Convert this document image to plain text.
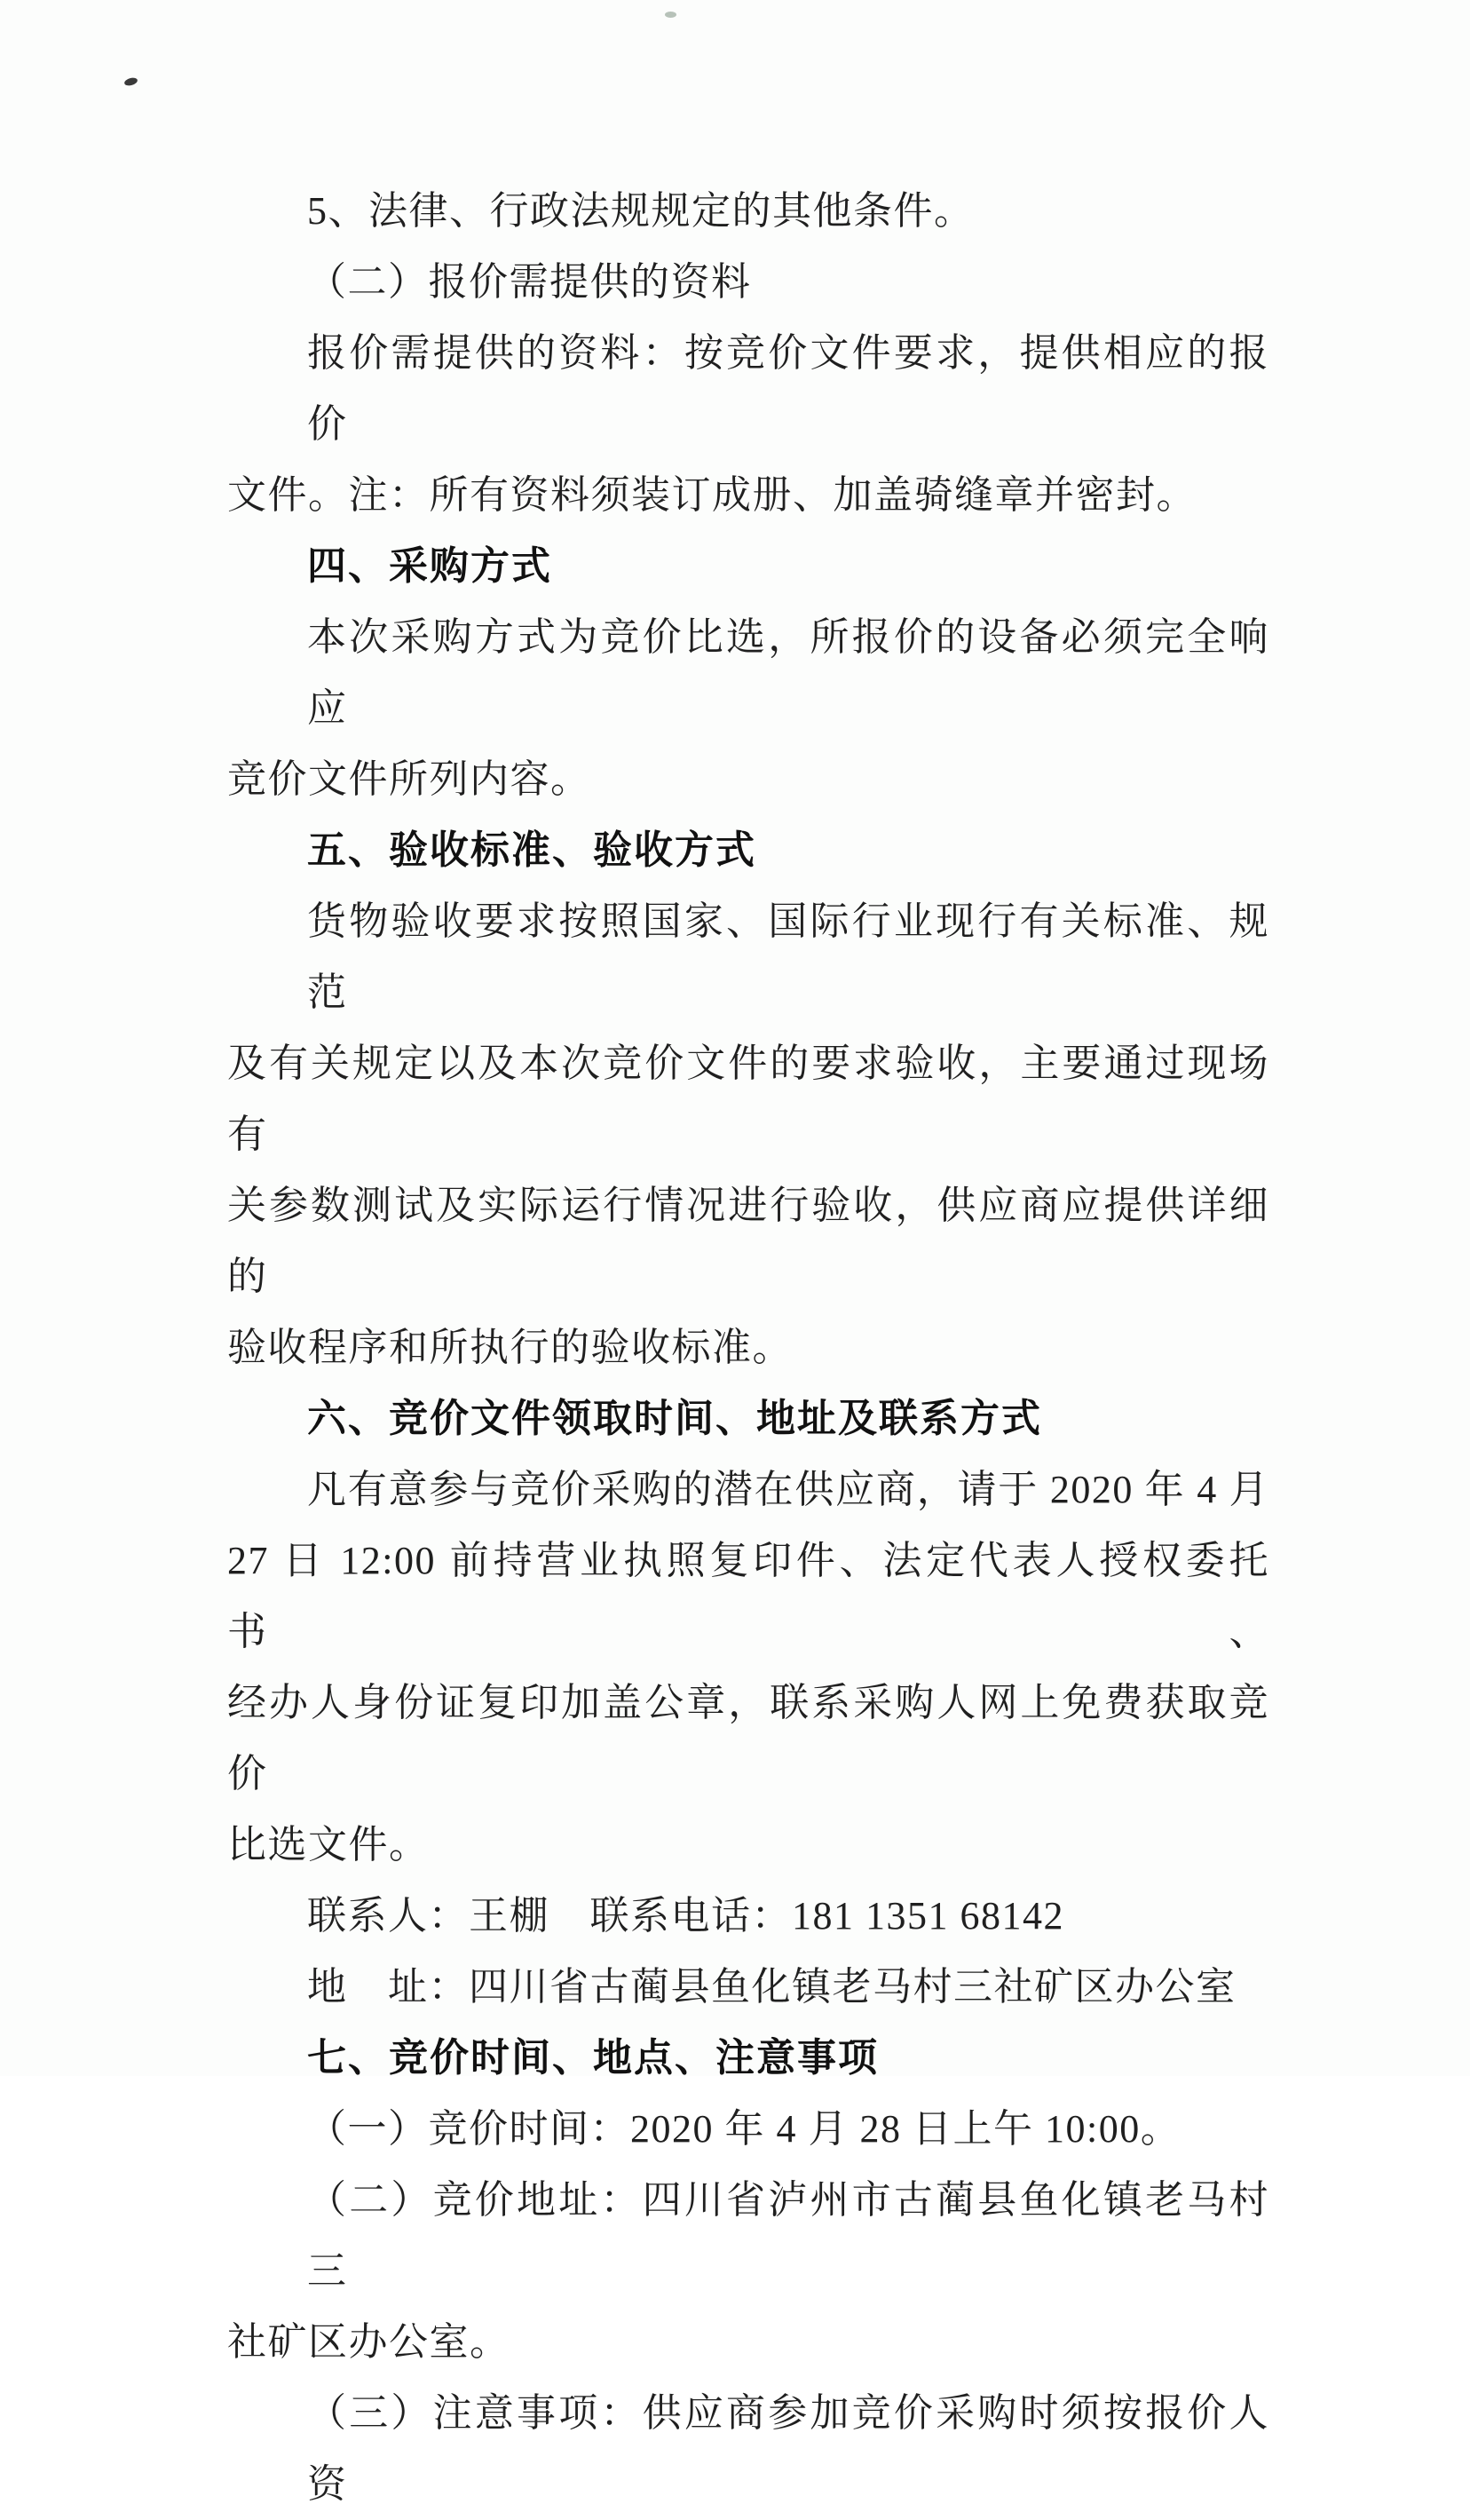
5、法律、行政法规规定的其他条件。
（二）报价需提供的资料
报价需提供的资料：按竞价文件要求，提供相应的报价
文件。注：所有资料须装订成册、加盖骑缝章并密封。
四、采购方式
本次采购方式为竞价比选，所报价的设备必须完全响应
竞价文件所列内容。
五、验收标准、验收方式
货物验收要求按照国家、国际行业现行有关标准、规范
及有关规定以及本次竞价文件的要求验收，主要通过现场有
关参数测试及实际运行情况进行验收，供应商应提供详细的
验收程序和所执行的验收标准。
六、竞价文件领取时间、地址及联系方式
凡有意参与竞价采购的潜在供应商，请于 2020 年 4 月
27 日 12:00 前持营业执照复印件、法定代表人授权委托书、
经办人身份证复印加盖公章，联系采购人网上免费获取竞价
比选文件。
联系人：王棚　联系电话：181 1351 68142
地　址：四川省古蔺县鱼化镇老马村三社矿区办公室
七、竞价时间、地点、注意事项
（一）竞价时间：2020 年 4 月 28 日上午 10:00。
（二）竞价地址：四川省泸州市古蔺县鱼化镇老马村三
社矿区办公室。
（三）注意事项：供应商参加竞价采购时须按报价人资
